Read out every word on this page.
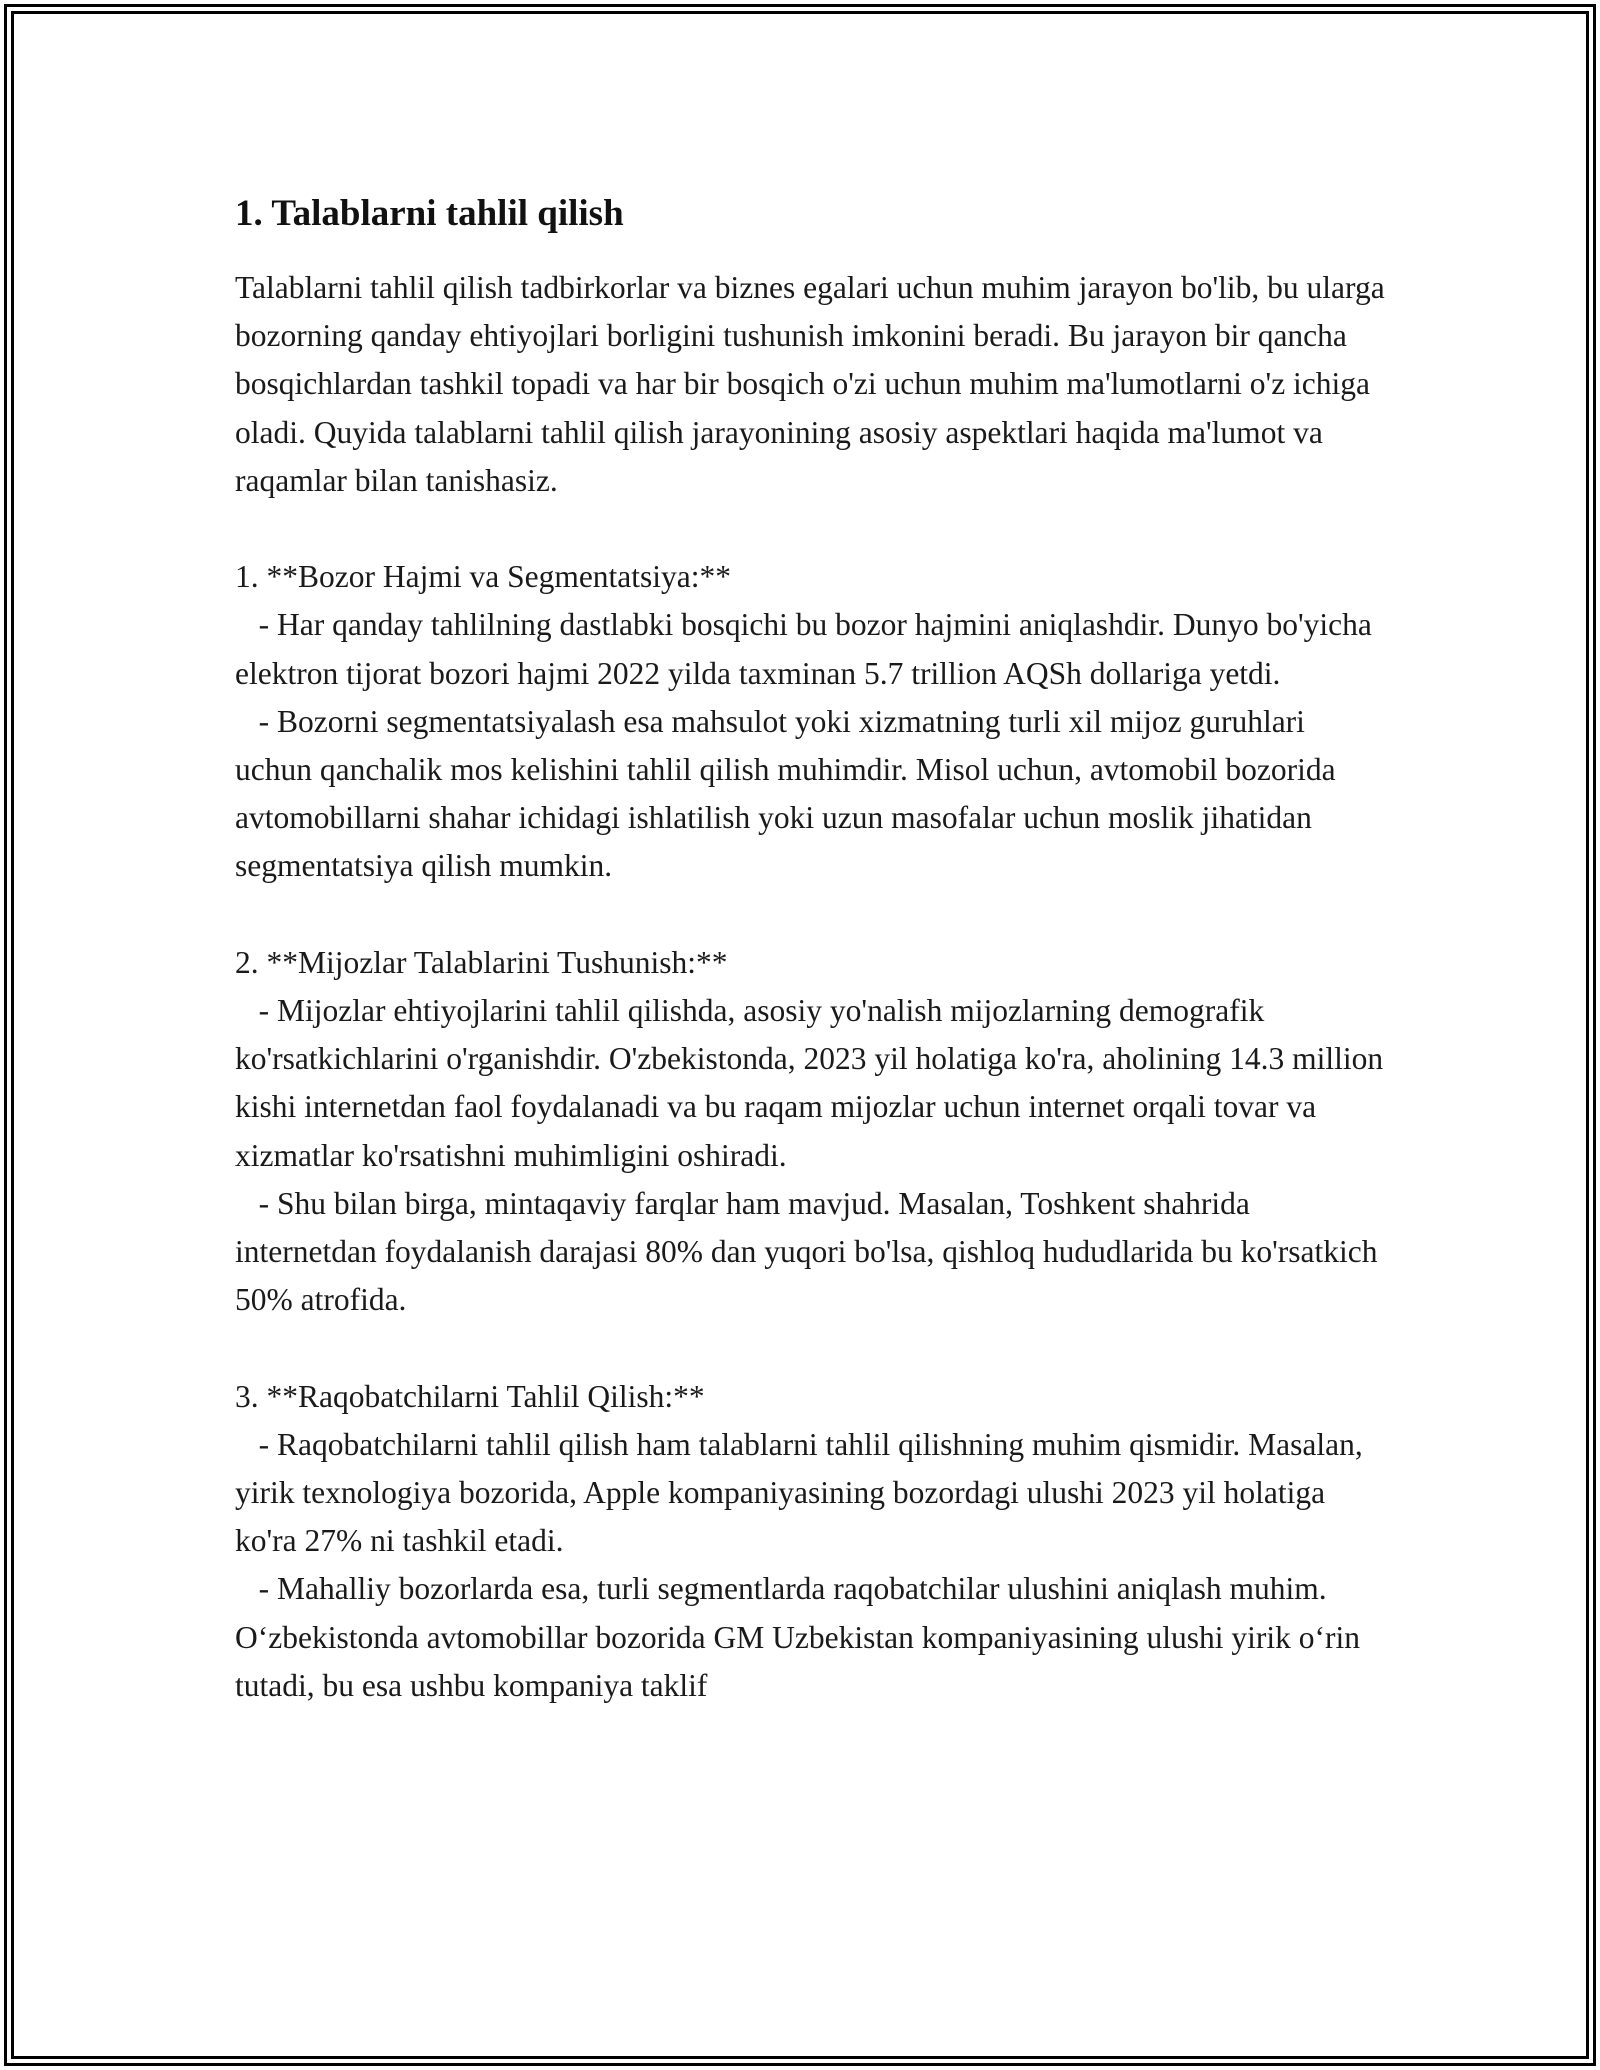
1. Talablarni tahlil qilish

Talablarni tahlil qilish tadbirkorlar va biznes egalari uchun muhim jarayon bo'lib, bu ularga bozorning qanday ehtiyojlari borligini tushunish imkonini beradi. Bu jarayon bir qancha bosqichlardan tashkil topadi va har bir bosqich o'zi uchun muhim ma'lumotlarni o'z ichiga oladi. Quyida talablarni tahlil qilish jarayonining asosiy aspektlari haqida ma'lumot va raqamlar bilan tanishasiz.

1. **Bozor Hajmi va Segmentatsiya:**

- Har qanday tahlilning dastlabki bosqichi bu bozor hajmini aniqlashdir. Dunyo bo'yicha elektron tijorat bozori hajmi 2022 yilda taxminan 5.7 trillion AQSh dollariga yetdi.

- Bozorni segmentatsiyalash esa mahsulot yoki xizmatning turli xil mijoz guruhlari uchun qanchalik mos kelishini tahlil qilish muhimdir. Misol uchun, avtomobil bozorida avtomobillarni shahar ichidagi ishlatilish yoki uzun masofalar uchun moslik jihatidan segmentatsiya qilish mumkin.

2. **Mijozlar Talablarini Tushunish:**

- Mijozlar ehtiyojlarini tahlil qilishda, asosiy yo'nalish mijozlarning demografik ko'rsatkichlarini o'rganishdir. O'zbekistonda, 2023 yil holatiga ko'ra, aholining 14.3 million kishi internetdan faol foydalanadi va bu raqam mijozlar uchun internet orqali tovar va xizmatlar ko'rsatishni muhimligini oshiradi.

- Shu bilan birga, mintaqaviy farqlar ham mavjud. Masalan, Toshkent shahrida internetdan foydalanish darajasi 80% dan yuqori bo'lsa, qishloq hududlarida bu ko'rsatkich 50% atrofida.

3. **Raqobatchilarni Tahlil Qilish:**

- Raqobatchilarni tahlil qilish ham talablarni tahlil qilishning muhim qismidir. Masalan, yirik texnologiya bozorida, Apple kompaniyasining bozordagi ulushi 2023 yil holatiga ko'ra 27% ni tashkil etadi.

- Mahalliy bozorlarda esa, turli segmentlarda raqobatchilar ulushini aniqlash muhim. O‘zbekistonda avtomobillar bozorida GM Uzbekistan kompaniyasining ulushi yirik o‘rin tutadi, bu esa ushbu kompaniya taklif
